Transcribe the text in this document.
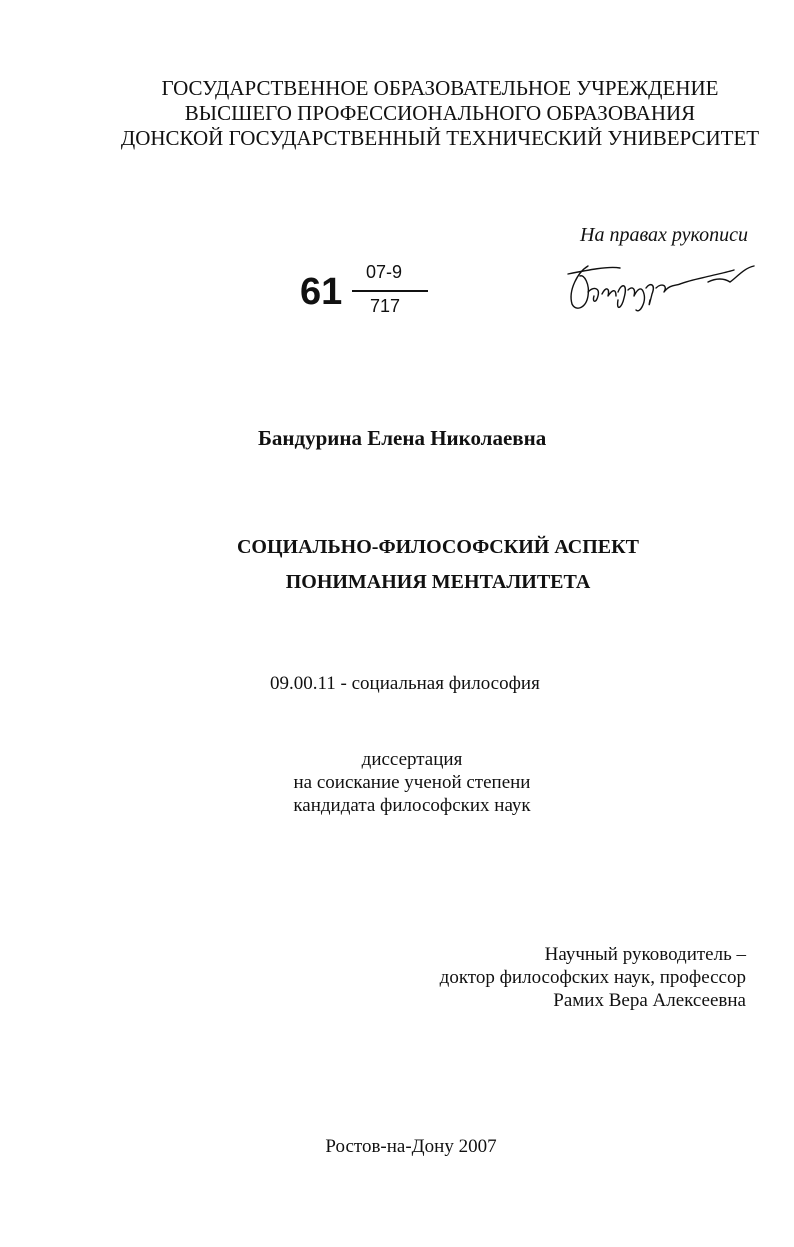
ГОСУДАРСТВЕННОЕ ОБРАЗОВАТЕЛЬНОЕ УЧРЕЖДЕНИЕ
ВЫСШЕГО ПРОФЕССИОНАЛЬНОГО ОБРАЗОВАНИЯ
ДОНСКОЙ ГОСУДАРСТВЕННЫЙ ТЕХНИЧЕСКИЙ УНИВЕРСИТЕТ
На правах рукописи
61 07-9
717
Бандурина Елена Николаевна
СОЦИАЛЬНО-ФИЛОСОФСКИЙ АСПЕКТ
ПОНИМАНИЯ МЕНТАЛИТЕТА
09.00.11 - социальная философия
диссертация
на соискание ученой степени
кандидата философских наук
Научный руководитель –
доктор философских наук, профессор
Рамих Вера Алексеевна
Ростов-на-Дону 2007
